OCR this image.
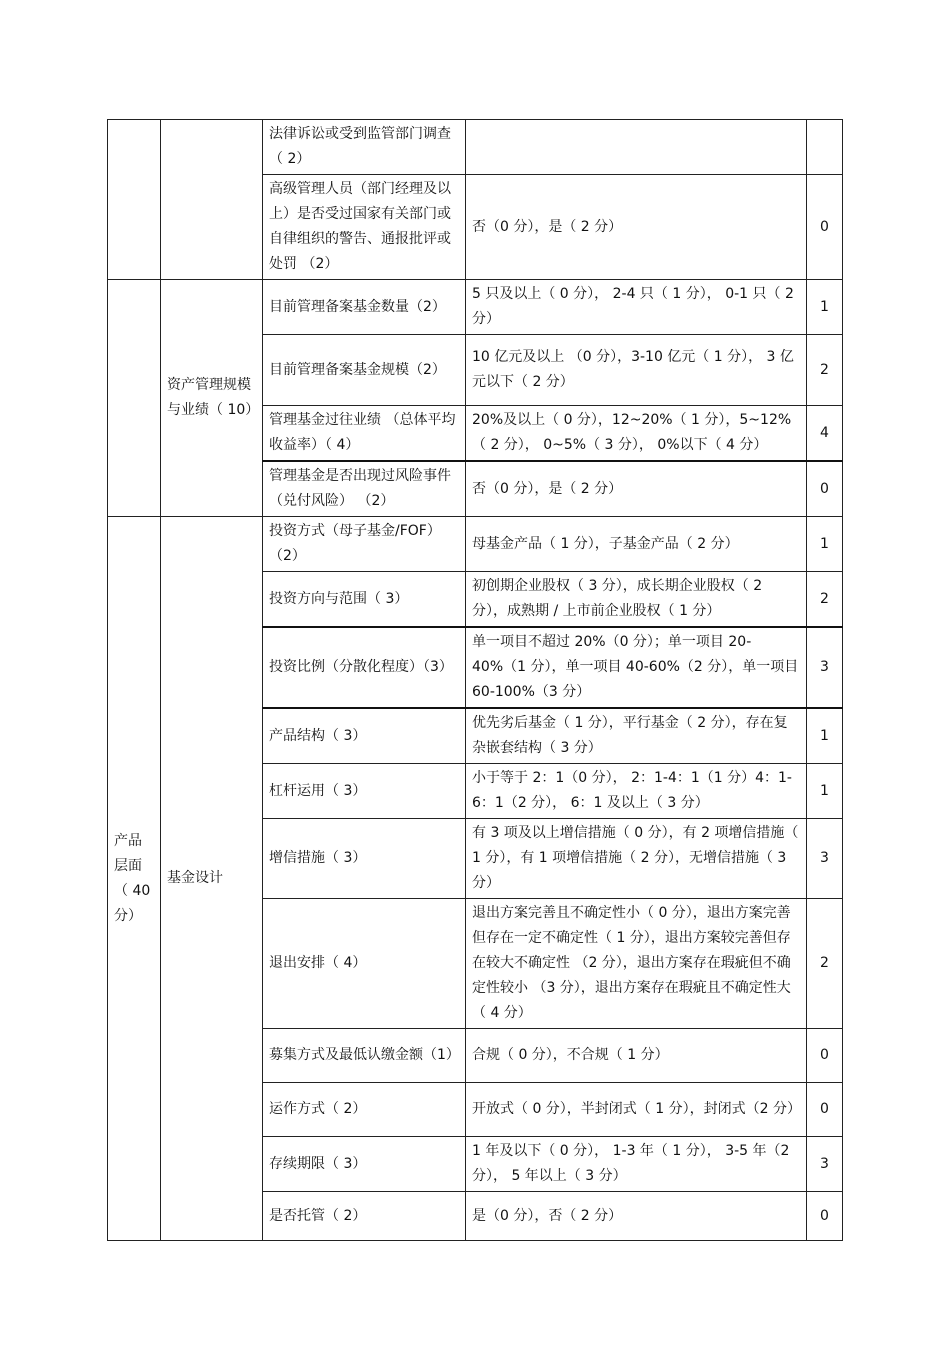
		法律诉讼或受到监管部门调查（ 2）		
		高级管理人员（部门经理及以上）是否受过国家有关部门或自律组织的警告、通报批评或处罚 （2）	否（0 分），是（ 2 分）	0
	资产管理规模与业绩（ 10）	目前管理备案基金数量（2）	5 只及以上（ 0 分）， 2-4 只（ 1 分）， 0-1 只（ 2 分）	1
		目前管理备案基金规模（2）	10 亿元及以上 （0 分），3-10 亿元（ 1 分）， 3 亿元以下（ 2 分）	2
		管理基金过往业绩 （总体平均收益率）（ 4）	20%及以上（ 0 分），12~20%（ 1 分），5~12%（ 2 分）， 0~5%（ 3 分）， 0%以下（ 4 分）	4
		管理基金是否出现过风险事件（兑付风险） （2）	否（0 分），是（ 2 分）	0
产品层面（ 40 分）	基金设计	投资方式（母子基金/FOF）（2）	母基金产品（ 1 分），子基金产品（ 2 分）	1
		投资方向与范围（ 3）	初创期企业股权（ 3 分），成长期企业股权（ 2 分），成熟期 / 上市前企业股权（ 1 分）	2
		投资比例（分散化程度）（3）	单一项目不超过 20%（0 分）；单一项目 20-40%（1 分），单一项目 40-60%（2 分），单一项目 60-100%（3 分）	3
		产品结构（ 3）	优先劣后基金（ 1 分），平行基金（ 2 分），存在复杂嵌套结构（ 3 分）	1
		杠杆运用（ 3）	小于等于 2：1（0 分）， 2：1-4：1（1 分）4：1-6：1（2 分）， 6：1 及以上（ 3 分）	1
		增信措施（ 3）	有 3 项及以上增信措施（ 0 分），有 2 项增信措施（ 1 分），有 1 项增信措施（ 2 分），无增信措施（ 3 分）	3
		退出安排（ 4）	退出方案完善且不确定性小（ 0 分），退出方案完善但存在一定不确定性（ 1 分），退出方案较完善但存在较大不确定性 （2 分），退出方案存在瑕疵但不确定性较小 （3 分），退出方案存在瑕疵且不确定性大（ 4 分）	2
		募集方式及最低认缴金额（1）	合规（ 0 分），不合规（ 1 分）	0
		运作方式（ 2）	开放式（ 0 分），半封闭式（ 1 分），封闭式（2 分）	0
		存续期限（ 3）	1 年及以下（ 0 分）， 1-3 年（ 1 分）， 3-5 年（2 分）， 5 年以上（ 3 分）	3
		是否托管（ 2）	是（0 分），否（ 2 分）	0
